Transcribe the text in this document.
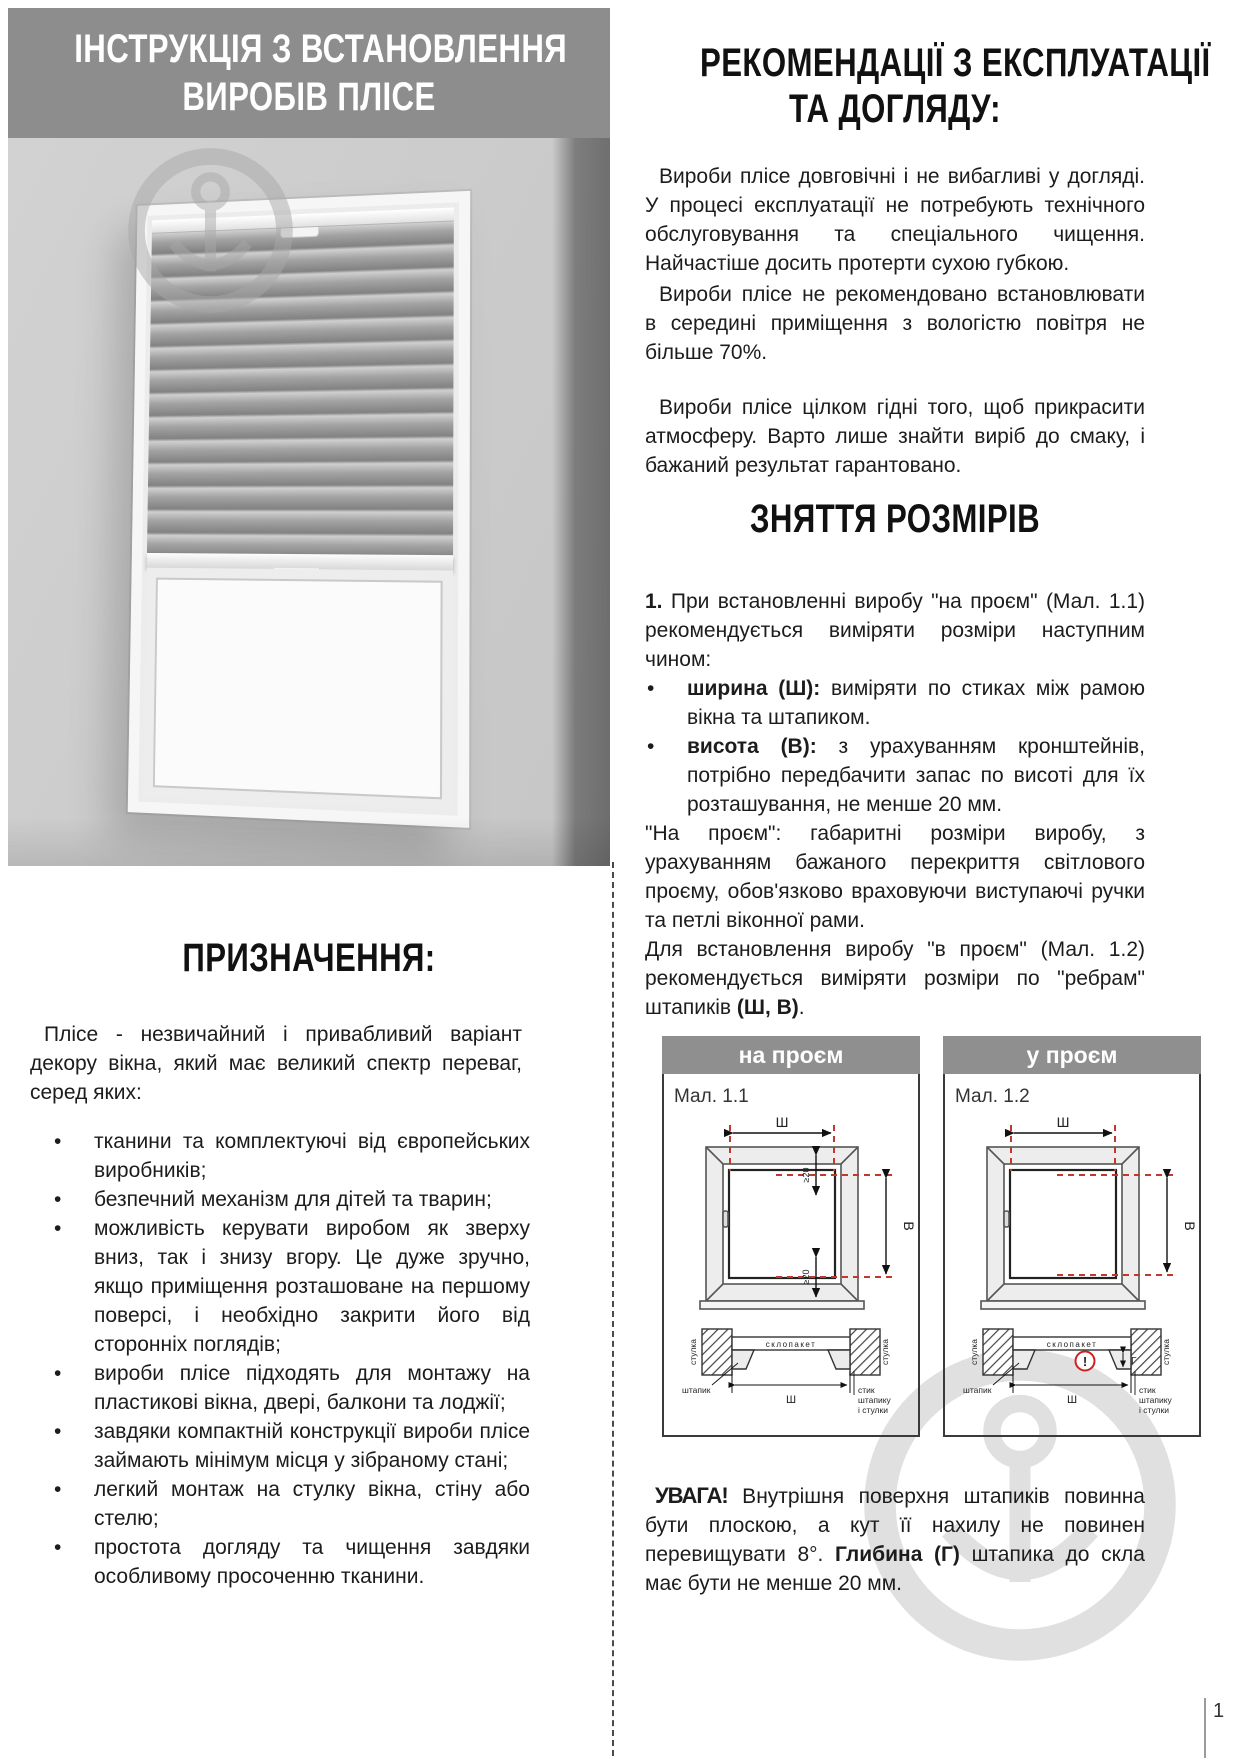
ІНСТРУКЦІЯ З ВСТАНОВЛЕННЯ
ВИРОБІВ ПЛІСЕ
ПРИЗНАЧЕННЯ:

Плісе - незвичайний і привабливий варіант декору вікна, який має великий спектр переваг, серед яких:

• тканини та комплектуючі від європейських виробників;
• безпечний механізм для дітей та тварин;
• можливість керувати виробом як зверху вниз, так і знизу вгору. Це дуже зручно, якщо приміщення розташоване на першому поверсі, і необхідно закрити його від сторонніх поглядів;
• вироби плісе підходять для монтажу на пластикові вікна, двері, балкони та лоджії;
• завдяки компактній конструкції вироби плісе займають мінімум місця у зібраному стані;
• легкий монтаж на стулку вікна, стіну або стелю;
• простота догляду та чищення завдяки особливому просоченню тканини.
РЕКОМЕНДАЦІЇ З ЕКСПЛУАТАЦІЇ
ТА ДОГЛЯДУ:

Вироби плісе довговічні і не вибагливі у догляді. У процесі експлуатації не потребують технічного обслуговування та спеціального чищення. Найчастіше досить протерти сухою губкою.

Вироби плісе не рекомендовано встановлювати в середині приміщення з вологістю повітря не більше 70%.

Вироби плісе цілком гідні того, щоб прикрасити атмосферу. Варто лише знайти виріб до смаку, і бажаний результат гарантовано.

ЗНЯТТЯ РОЗМІРІВ

1. При встановленні виробу "на проєм" (Мал. 1.1) рекомендується виміряти розміри наступним чином:

• ширина (Ш): виміряти по стиках між рамою вікна та штапиком.
• висота (В): з урахуванням кронштейнів, потрібно передбачити запас по висоті для їх розташування, не менше 20 мм.

"На проєм": габаритні розміри виробу, з урахуванням бажаного перекриття світлового проєму, обов'язково враховуючи виступаючі ручки та петлі віконної рами.

Для встановлення виробу "в проєм" (Мал. 1.2) рекомендується виміряти розміри по "ребрам" штапиків (Ш, В).

на проєм
Мал. 1.1
Ш
В
≥20
≥20

склопакет
стулка	стулка
штапик
Ш
стик
штапику
і стулки
у проєм
Мал. 1.2
Ш
В

!	Г
склопакет
стулка	стулка
штапик
Ш
стик
штапику
і стулки

УВАГА! Внутрішня поверхня штапиків повинна бути плоскою, а кут її нахилу не повинен перевищувати 8°. Глибина (Г) штапика до скла має бути не менше 20 мм.

1
